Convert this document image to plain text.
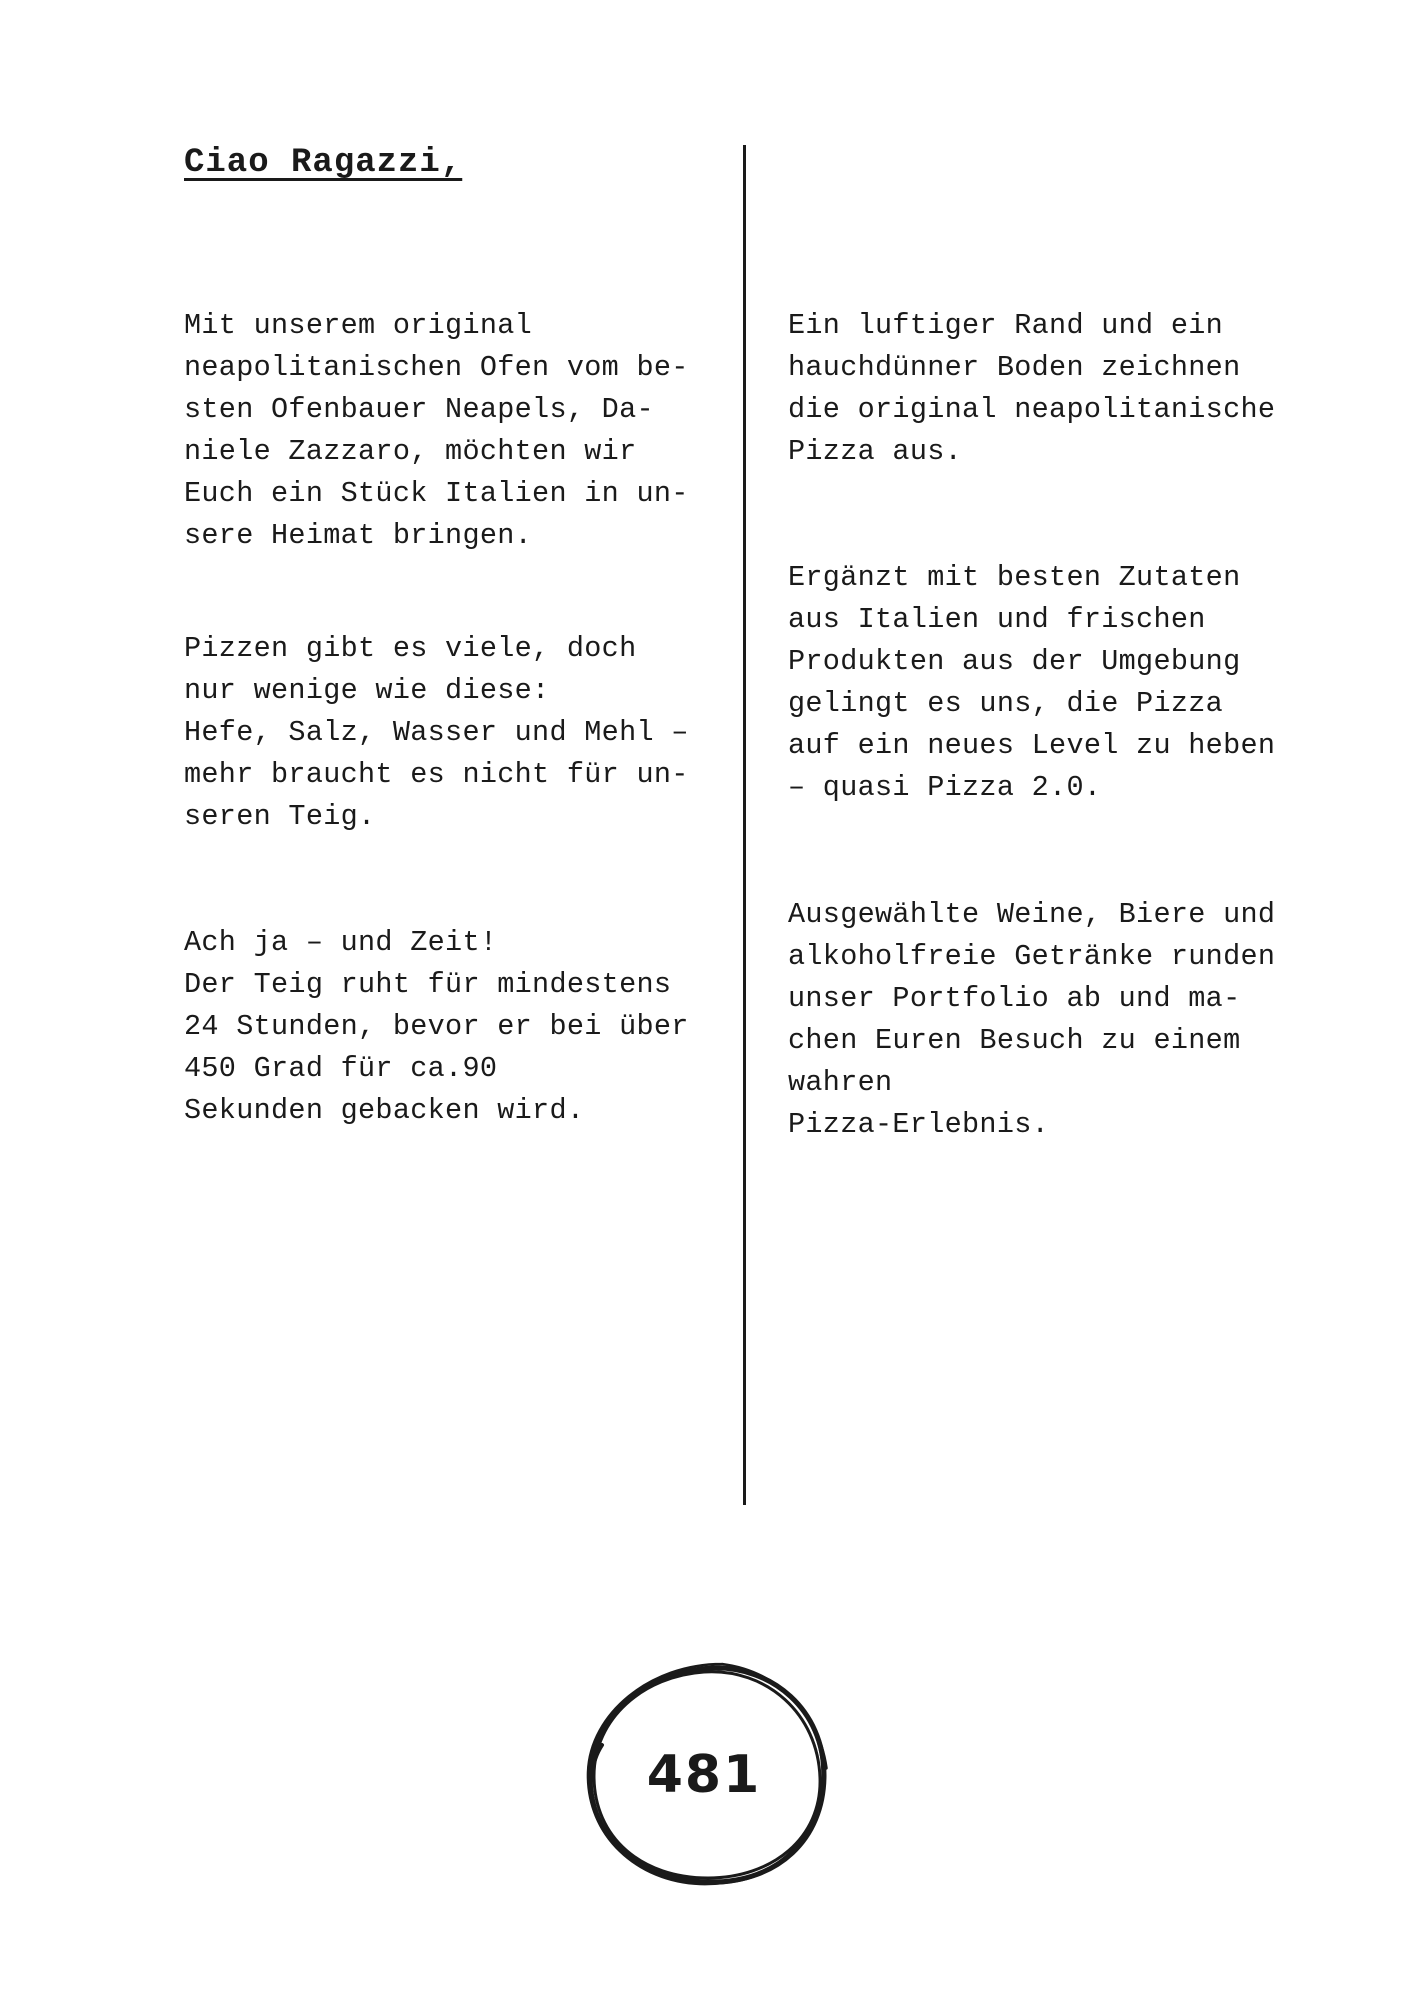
Ciao Ragazzi,

Mit unserem original
neapolitanischen Ofen vom be-
sten Ofenbauer Neapels, Da-
niele Zazzaro, möchten wir
Euch ein Stück Italien in un-
sere Heimat bringen.

Pizzen gibt es viele, doch
nur wenige wie diese:
Hefe, Salz, Wasser und Mehl –
mehr braucht es nicht für un-
seren Teig.

Ach ja – und Zeit!
Der Teig ruht für mindestens
24 Stunden, bevor er bei über
450 Grad für ca.90
Sekunden gebacken wird.

Ein luftiger Rand und ein
hauchdünner Boden zeichnen
die original neapolitanische
Pizza aus.

Ergänzt mit besten Zutaten
aus Italien und frischen
Produkten aus der Umgebung
gelingt es uns, die Pizza
auf ein neues Level zu heben
– quasi Pizza 2.0.

Ausgewählte Weine, Biere und
alkoholfreie Getränke runden
unser Portfolio ab und ma-
chen Euren Besuch zu einem
wahren
Pizza-Erlebnis.

481
